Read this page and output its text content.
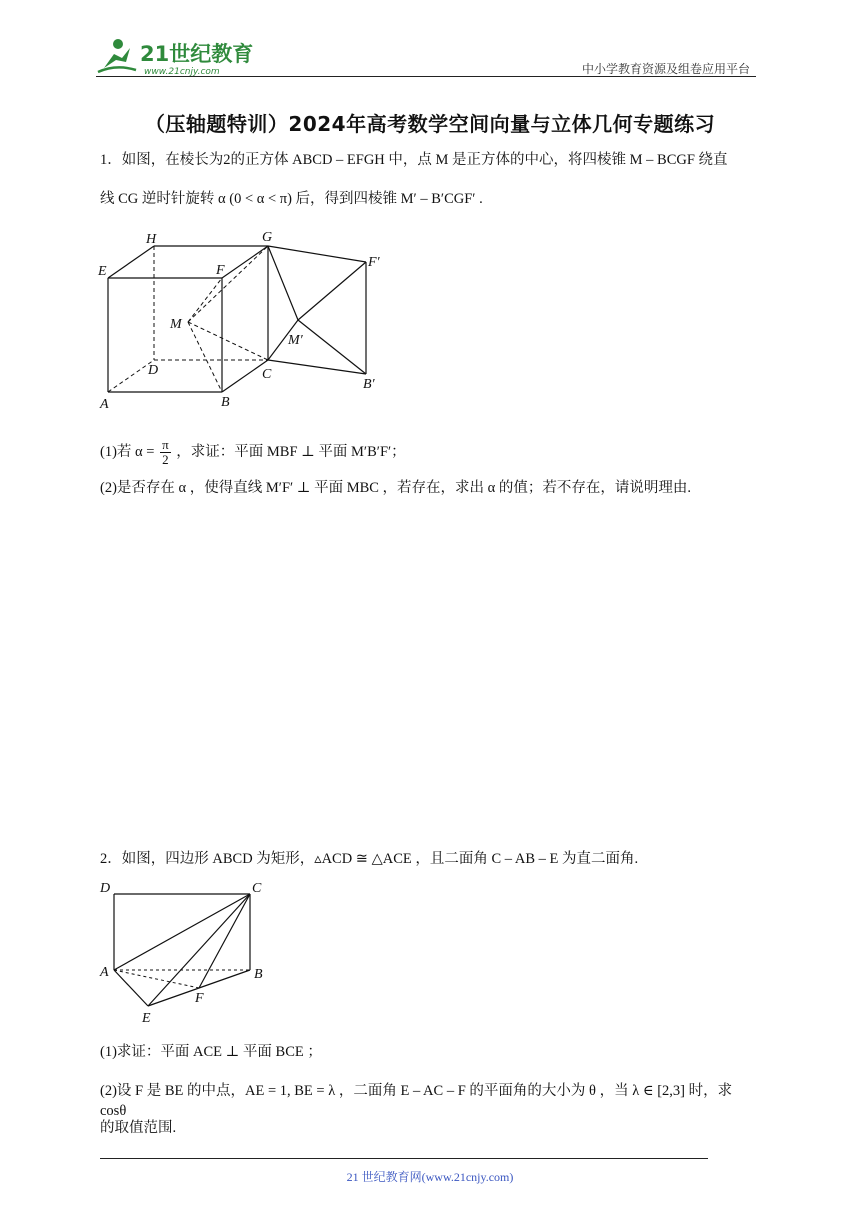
21世纪教育
www.21cnjy.com	中小学教育资源及组卷应用平台
（压轴题特训）2024年高考数学空间向量与立体几何专题练习
1．如图，在棱长为2的正方体 ABCD – EFGH 中，点 M 是正方体的中心，将四棱锥 M – BCGF 绕直
线 CG 逆时针旋转 α (0 < α < π) 后，得到四棱锥 M′ – B′CGF′ .
H	G
F′
E	F
M
M′
D	C
B′
A	B
(1)若 $\alpha = \frac{\pi}{2}$ ，求证：平面 MBF ⊥ 平面 M′B′F′；
(2)是否存在 α ，使得直线 M′F′ ⊥ 平面 MBC ，若存在，求出 α 的值；若不存在，请说明理由.
2．如图，四边形 ABCD 为矩形，▵ACD ≅ △ACE ，且二面角 C – AB – E 为直二面角.
D	C
A	B
F
E
(1)求证：平面 ACE ⊥ 平面 BCE ；
(2)设 F 是 BE 的中点，AE = 1, BE = λ ，二面角 E – AC – F 的平面角的大小为 θ ，当 λ ∈ [2,3] 时，求 cosθ
的取值范围.
21 世纪教育网(www.21cnjy.com)
